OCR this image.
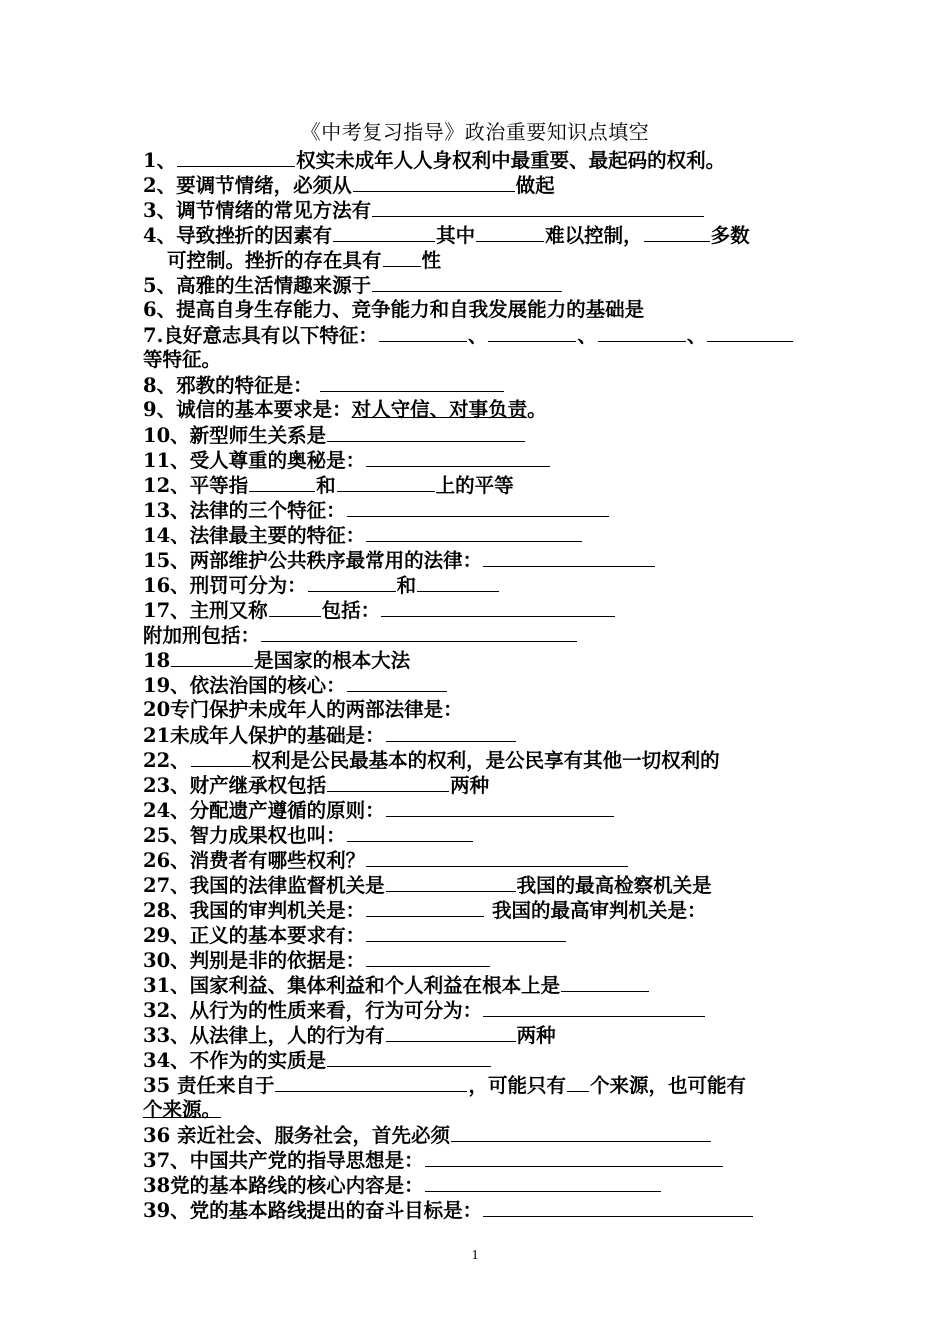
《中考复习指导》政治重要知识点填空
1、	权实未成年人人身权利中最重要、最起码的权利。
2、要调节情绪，必须从	做起
3、调节情绪的常见方法有
4、导致挫折的因素有	其中	难以控制，	多数
可控制。挫折的存在具有 性
5、高雅的生活情趣来源于
6、提高自身生存能力、竞争能力和自我发展能力的基础是
7.良好意志具有以下特征：	、	、	、
等特征。
8、邪教的特征是：
9、诚信的基本要求是：对人守信、对事负责。
10、新型师生关系是
11、受人尊重的奥秘是：
12、平等指	和	上的平等
13、法律的三个特征：
14、法律最主要的特征：
15、两部维护公共秩序最常用的法律：
16、刑罚可分为：	和
17、主刑又称	包括：
附加刑包括：
18	是国家的根本大法
19、依法治国的核心：
20专门保护未成年人的两部法律是：
21未成年人保护的基础是：
22、	权利是公民最基本的权利，是公民享有其他一切权利的
23、财产继承权包括	两种
24、分配遗产遵循的原则：
25、智力成果权也叫：
26、消费者有哪些权利？
27、我国的法律监督机关是	我国的最高检察机关是
28、我国的审判机关是：	我国的最高审判机关是：
29、正义的基本要求有：
30、判别是非的依据是：
31、国家利益、集体利益和个人利益在根本上是
32、从行为的性质来看，行为可分为：
33、从法律上，人的行为有	两种
34、不作为的实质是
35 责任来自于	，可能只有 个来源，也可能有
个来源。
36 亲近社会、服务社会，首先必须
37、中国共产党的指导思想是：
38党的基本路线的核心内容是：
39、党的基本路线提出的奋斗目标是：
1
